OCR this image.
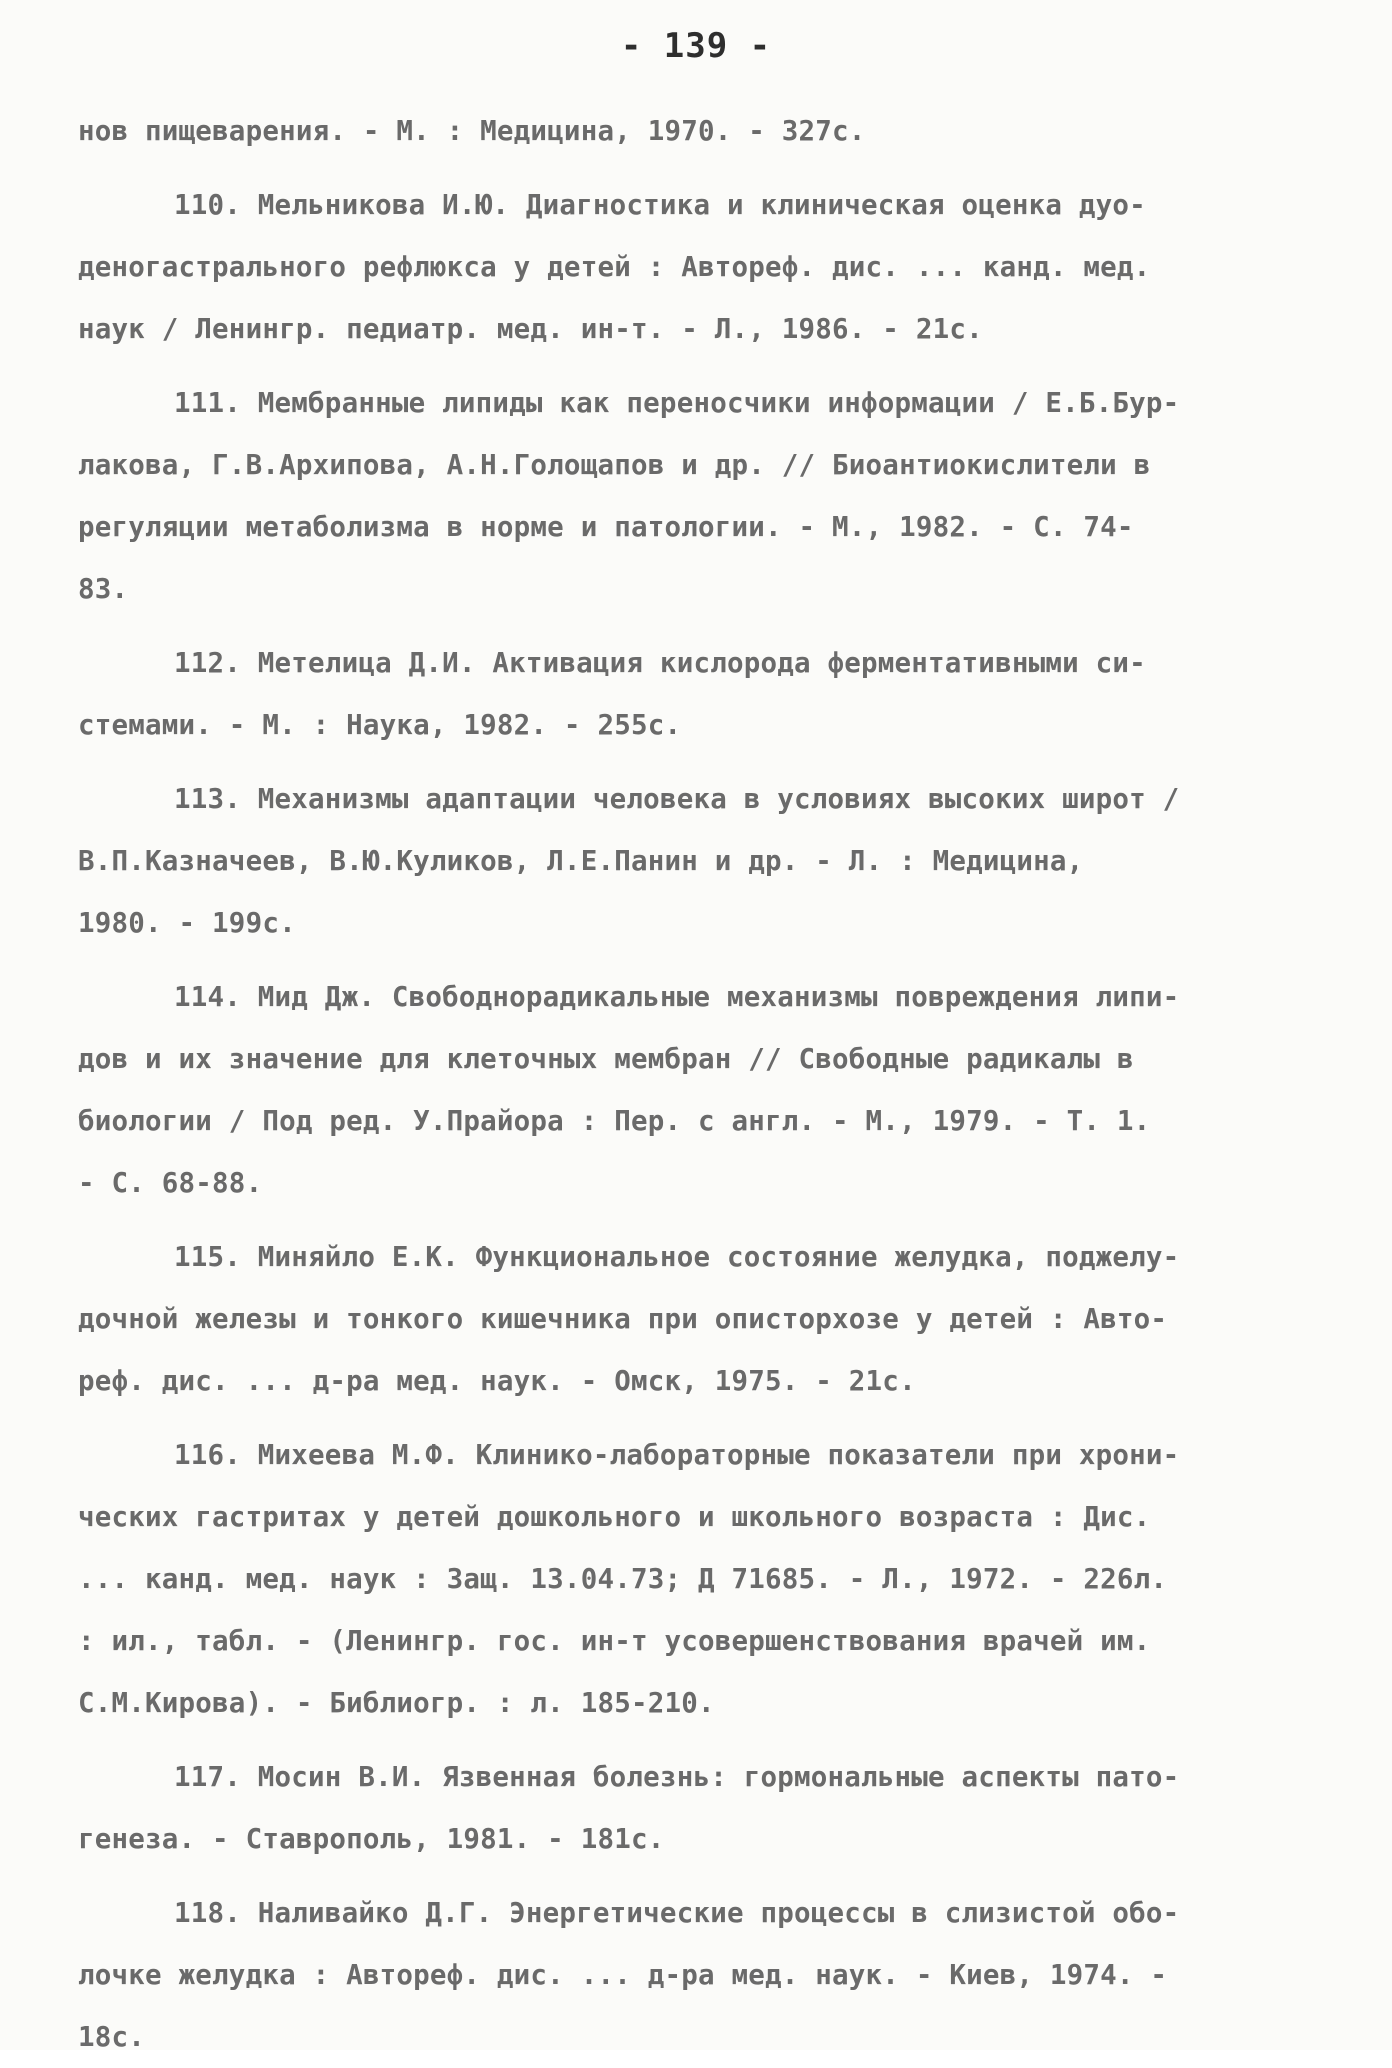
- 139 -
нов пищеварения. - М. : Медицина, 1970. - 327с.
110. Мельникова И.Ю. Диагностика и клиническая оценка дуо-
деногастрального рефлюкса у детей : Автореф. дис. ... канд. мед.
наук / Ленингр. педиатр. мед. ин-т. - Л., 1986. - 21с.
111. Мембранные липиды как переносчики информации / Е.Б.Бур-
лакова, Г.В.Архипова, А.Н.Голощапов и др. // Биоантиокислители в
регуляции метаболизма в норме и патологии. - М., 1982. - С. 74-
83.
112. Метелица Д.И. Активация кислорода ферментативными си-
стемами. - М. : Наука, 1982. - 255с.
113. Механизмы адаптации человека в условиях высоких широт /
В.П.Казначеев, В.Ю.Куликов, Л.Е.Панин и др. - Л. : Медицина,
1980. - 199с.
114. Мид Дж. Свободнорадикальные механизмы повреждения липи-
дов и их значение для клеточных мембран // Свободные радикалы в
биологии / Под ред. У.Прайора : Пер. с англ. - М., 1979. - Т. 1.
- С. 68-88.
115. Миняйло Е.К. Функциональное состояние желудка, поджелу-
дочной железы и тонкого кишечника при описторхозе у детей : Авто-
реф. дис. ... д-ра мед. наук. - Омск, 1975. - 21с.
116. Михеева М.Ф. Клинико-лабораторные показатели при хрони-
ческих гастритах у детей дошкольного и школьного возраста : Дис.
... канд. мед. наук : Защ. 13.04.73; Д 71685. - Л., 1972. - 226л.
: ил., табл. - (Ленингр. гос. ин-т усовершенствования врачей им.
С.М.Кирова). - Библиогр. : л. 185-210.
117. Мосин В.И. Язвенная болезнь: гормональные аспекты пато-
генеза. - Ставрополь, 1981. - 181с.
118. Наливайко Д.Г. Энергетические процессы в слизистой обо-
лочке желудка : Автореф. дис. ... д-ра мед. наук. - Киев, 1974. -
18с.
